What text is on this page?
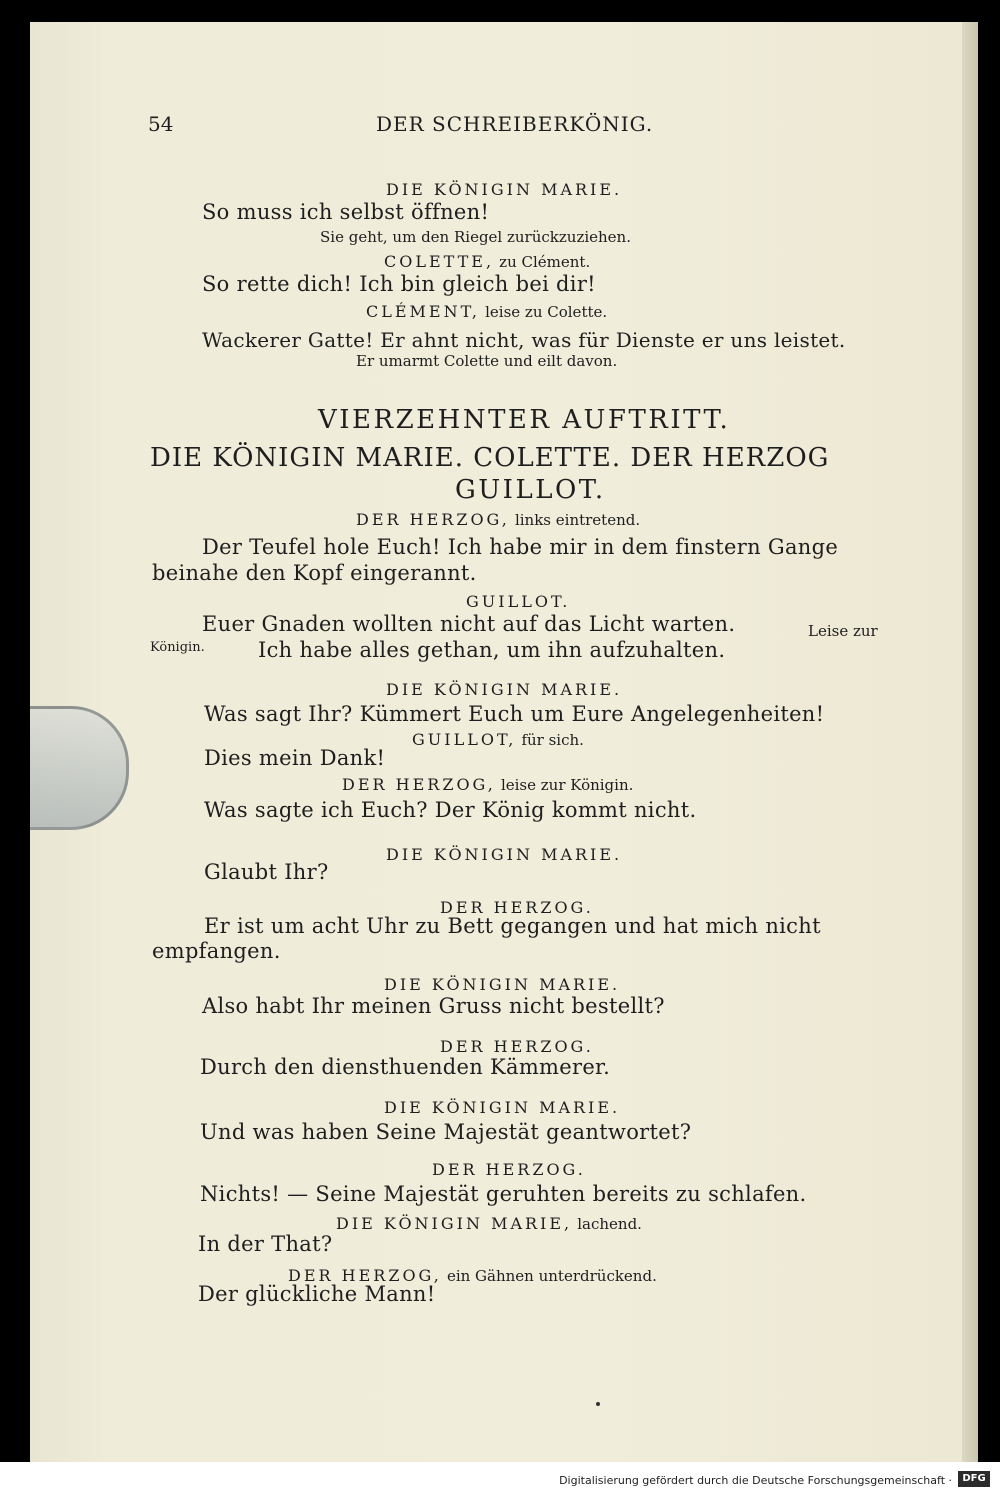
54	DER SCHREIBERKÖNIG.
DIE KÖNIGIN MARIE.
So muss ich selbst öffnen!
Sie geht, um den Riegel zurückzuziehen.
COLETTE, zu Clément.
So rette dich! Ich bin gleich bei dir!
CLÉMENT, leise zu Colette.
Wackerer Gatte! Er ahnt nicht, was für Dienste er uns leistet.
Er umarmt Colette und eilt davon.
VIERZEHNTER AUFTRITT.
DIE KÖNIGIN MARIE. COLETTE. DER HERZOG
GUILLOT.
DER HERZOG, links eintretend.
Der Teufel hole Euch! Ich habe mir in dem finstern Gange
beinahe den Kopf eingerannt.
GUILLOT.
Euer Gnaden wollten nicht auf das Licht warten.	Leise zur
Königin.	Ich habe alles gethan, um ihn aufzuhalten.
DIE KÖNIGIN MARIE.
Was sagt Ihr? Kümmert Euch um Eure Angelegenheiten!
GUILLOT, für sich.
Dies mein Dank!
DER HERZOG, leise zur Königin.
Was sagte ich Euch? Der König kommt nicht.
DIE KÖNIGIN MARIE.
Glaubt Ihr?
DER HERZOG.
Er ist um acht Uhr zu Bett gegangen und hat mich nicht
empfangen.
DIE KÖNIGIN MARIE.
Also habt Ihr meinen Gruss nicht bestellt?
DER HERZOG.
Durch den diensthuenden Kämmerer.
DIE KÖNIGIN MARIE.
Und was haben Seine Majestät geantwortet?
DER HERZOG.
Nichts! — Seine Majestät geruhten bereits zu schlafen.
DIE KÖNIGIN MARIE, lachend.
In der That?
DER HERZOG, ein Gähnen unterdrückend.
Der glückliche Mann!
Digitalisierung gefördert durch die Deutsche Forschungsgemeinschaft ·	DFG
